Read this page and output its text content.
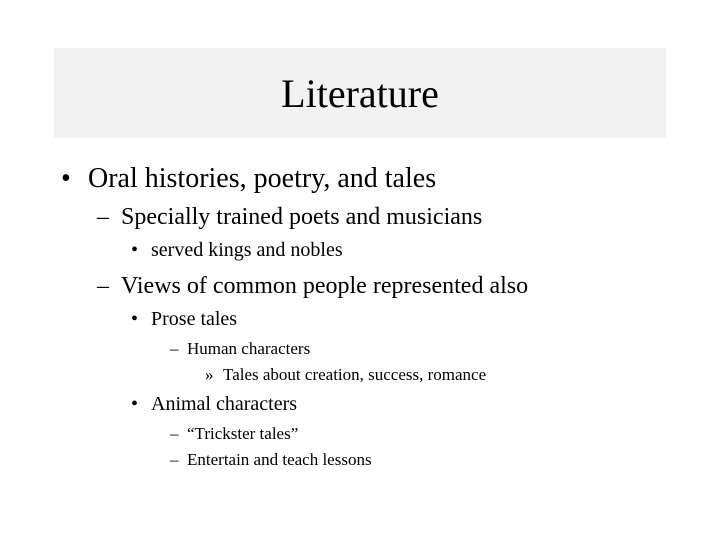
Literature
• Oral histories, poetry, and tales
– Specially trained poets and musicians
• served kings and nobles
– Views of common people represented also
• Prose tales
– Human characters
» Tales about creation, success, romance
• Animal characters
– “Trickster tales”
– Entertain and teach lessons
